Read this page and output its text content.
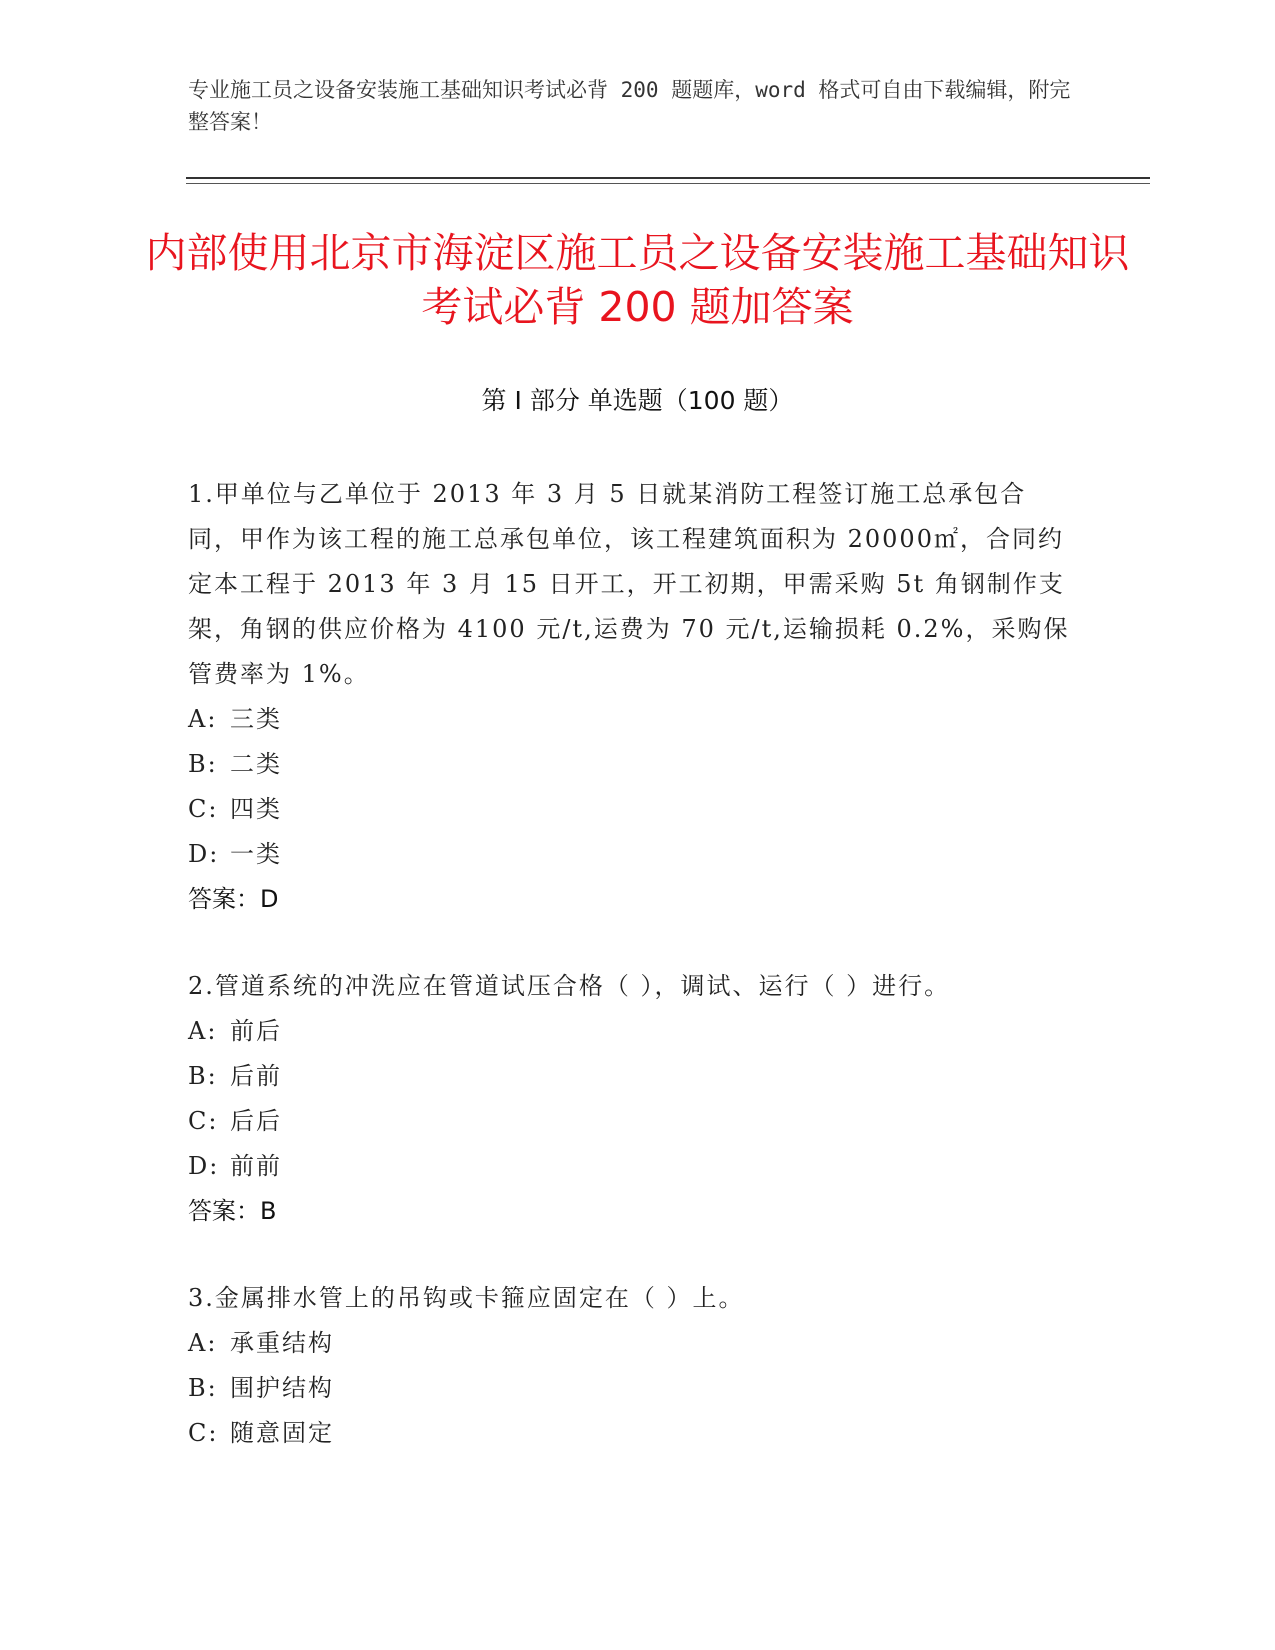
专业施工员之设备安装施工基础知识考试必背 200 题题库，word 格式可自由下载编辑，附完整答案！
内部使用北京市海淀区施工员之设备安装施工基础知识考试必背 200 题加答案
第 I 部分 单选题（100 题）
1.甲单位与乙单位于 2013 年 3 月 5 日就某消防工程签订施工总承包合同，甲作为该工程的施工总承包单位，该工程建筑面积为 20000㎡，合同约定本工程于 2013 年 3 月 15 日开工，开工初期，甲需采购 5t 角钢制作支架，角钢的供应价格为 4100 元/t,运费为 70 元/t,运输损耗 0.2%，采购保管费率为 1%。
A: 三类
B: 二类
C: 四类
D: 一类
答案：D
2.管道系统的冲洗应在管道试压合格（ ），调试、运行（ ）进行。
A: 前后
B: 后前
C: 后后
D: 前前
答案：B
3.金属排水管上的吊钩或卡箍应固定在（ ）上。
A: 承重结构
B: 围护结构
C: 随意固定
